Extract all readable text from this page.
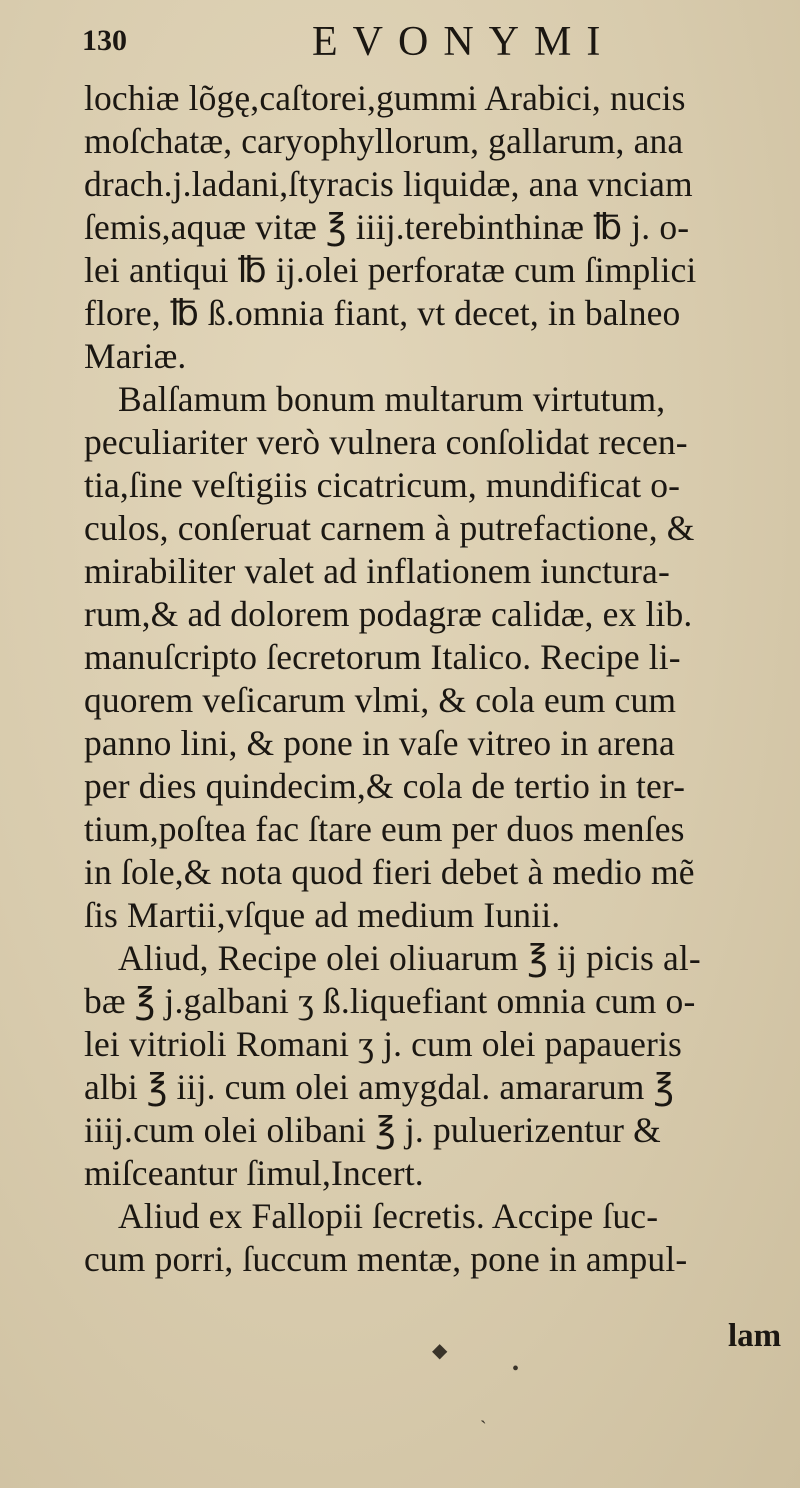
130	EVONYMI
lochiæ lõgę,caſtorei,gummi Arabici, nucis
moſchatæ, caryophyllorum, gallarum, ana
drach.j.ladani,ſtyracis liquidæ, ana vnciam
ſemis,aquæ vitæ ℥ iiij.terebinthinæ ℔ j. o-
lei antiqui ℔ ij.olei perforatæ cum ſimplici
flore, ℔ ß.omnia fiant, vt decet, in balneo
Mariæ.
Balſamum bonum multarum virtutum,
peculiariter verò vulnera conſolidat recen-
tia,ſine veſtigiis cicatricum, mundificat o-
culos, conſeruat carnem à putrefactione, &
mirabiliter valet ad inflationem iunctura-
rum,& ad dolorem podagræ calidæ, ex lib.
manuſcripto ſecretorum Italico. Recipe li-
quorem veſicarum vlmi, & cola eum cum
panno lini, & pone in vaſe vitreo in arena
per dies quindecim,& cola de tertio in ter-
tium,poſtea fac ſtare eum per duos menſes
in ſole,& nota quod fieri debet à medio mẽ
ſis Martii,vſque ad medium Iunii.
Aliud, Recipe olei oliuarum ℥ ij picis al-
bæ ℥ j.galbani ʒ ß.liquefiant omnia cum o-
lei vitrioli Romani ʒ j. cum olei papaueris
albi ℥ iij. cum olei amygdal. amararum ℥
iiij.cum olei olibani ℥ j. puluerizentur &
miſceantur ſimul,Incert.
Aliud ex Fallopii ſecretis. Accipe ſuc-
cum porri, ſuccum mentæ, pone in ampul-
lam
◆
•
ˏ
